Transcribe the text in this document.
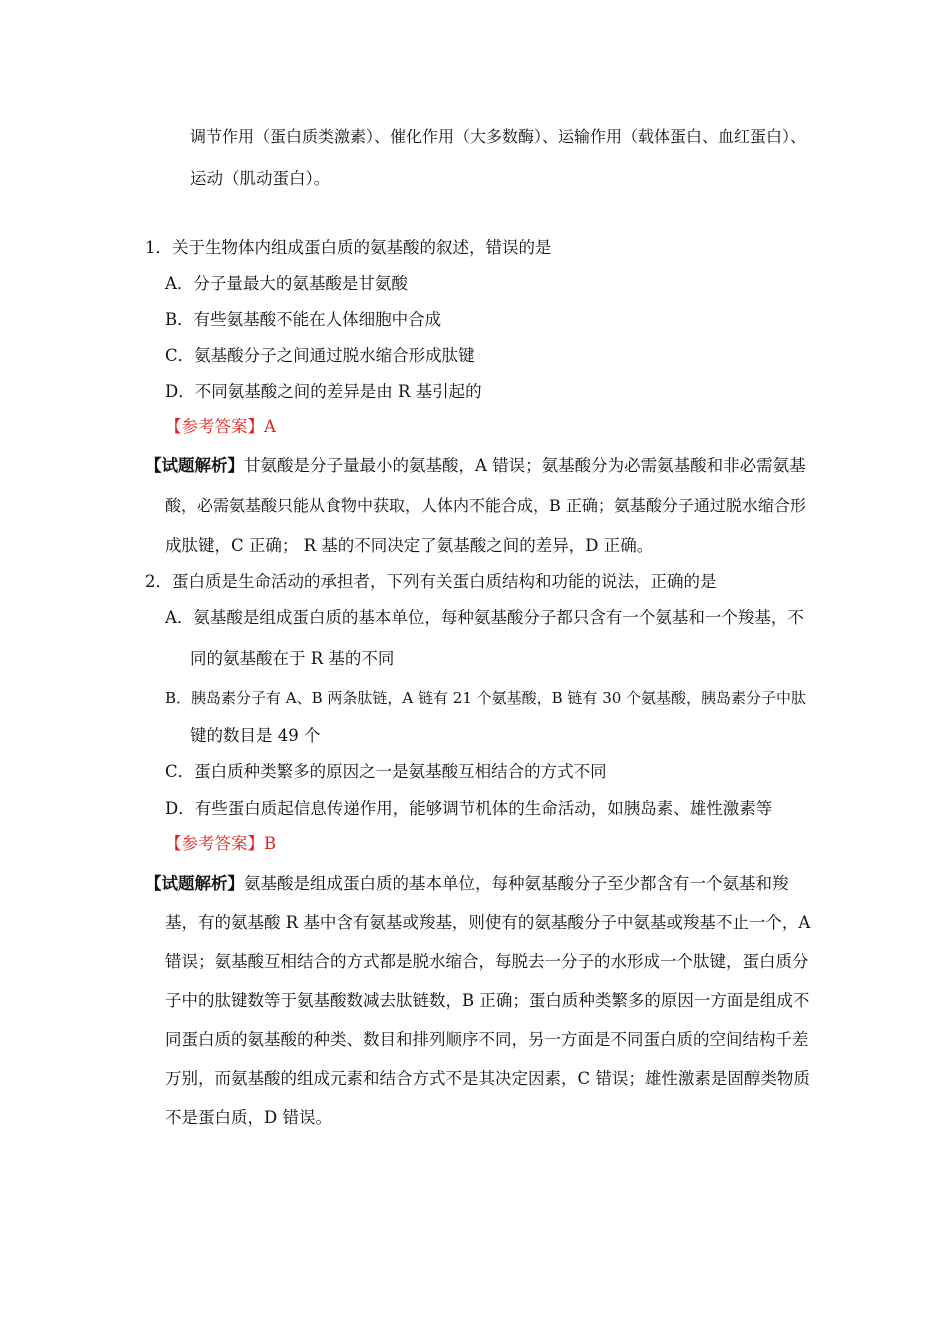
调节作用（蛋白质类激素）、催化作用（大多数酶）、运输作用（载体蛋白、血红蛋白）、
运动（肌动蛋白）。
1．关于生物体内组成蛋白质的氨基酸的叙述，错误的是
A．分子量最大的氨基酸是甘氨酸
B．有些氨基酸不能在人体细胞中合成
C．氨基酸分子之间通过脱水缩合形成肽键
D．不同氨基酸之间的差异是由 R 基引起的
【参考答案】A
【试题解析】甘氨酸是分子量最小的氨基酸，A 错误；氨基酸分为必需氨基酸和非必需氨基
酸，必需氨基酸只能从食物中获取，人体内不能合成，B 正确；氨基酸分子通过脱水缩合形
成肽键，C 正确； R 基的不同决定了氨基酸之间的差异，D 正确。
2．蛋白质是生命活动的承担者，下列有关蛋白质结构和功能的说法，正确的是
A．氨基酸是组成蛋白质的基本单位，每种氨基酸分子都只含有一个氨基和一个羧基，不
同的氨基酸在于 R 基的不同
B．胰岛素分子有 A、B 两条肽链，A 链有 21 个氨基酸，B 链有 30 个氨基酸，胰岛素分子中肽
键的数目是 49 个
C．蛋白质种类繁多的原因之一是氨基酸互相结合的方式不同
D．有些蛋白质起信息传递作用，能够调节机体的生命活动，如胰岛素、雄性激素等
【参考答案】B
【试题解析】氨基酸是组成蛋白质的基本单位，每种氨基酸分子至少都含有一个氨基和羧
基，有的氨基酸 R 基中含有氨基或羧基，则使有的氨基酸分子中氨基或羧基不止一个，A
错误；氨基酸互相结合的方式都是脱水缩合，每脱去一分子的水形成一个肽键，蛋白质分
子中的肽键数等于氨基酸数减去肽链数，B 正确；蛋白质种类繁多的原因一方面是组成不
同蛋白质的氨基酸的种类、数目和排列顺序不同，另一方面是不同蛋白质的空间结构千差
万别，而氨基酸的组成元素和结合方式不是其决定因素，C 错误；雄性激素是固醇类物质
不是蛋白质，D 错误。
